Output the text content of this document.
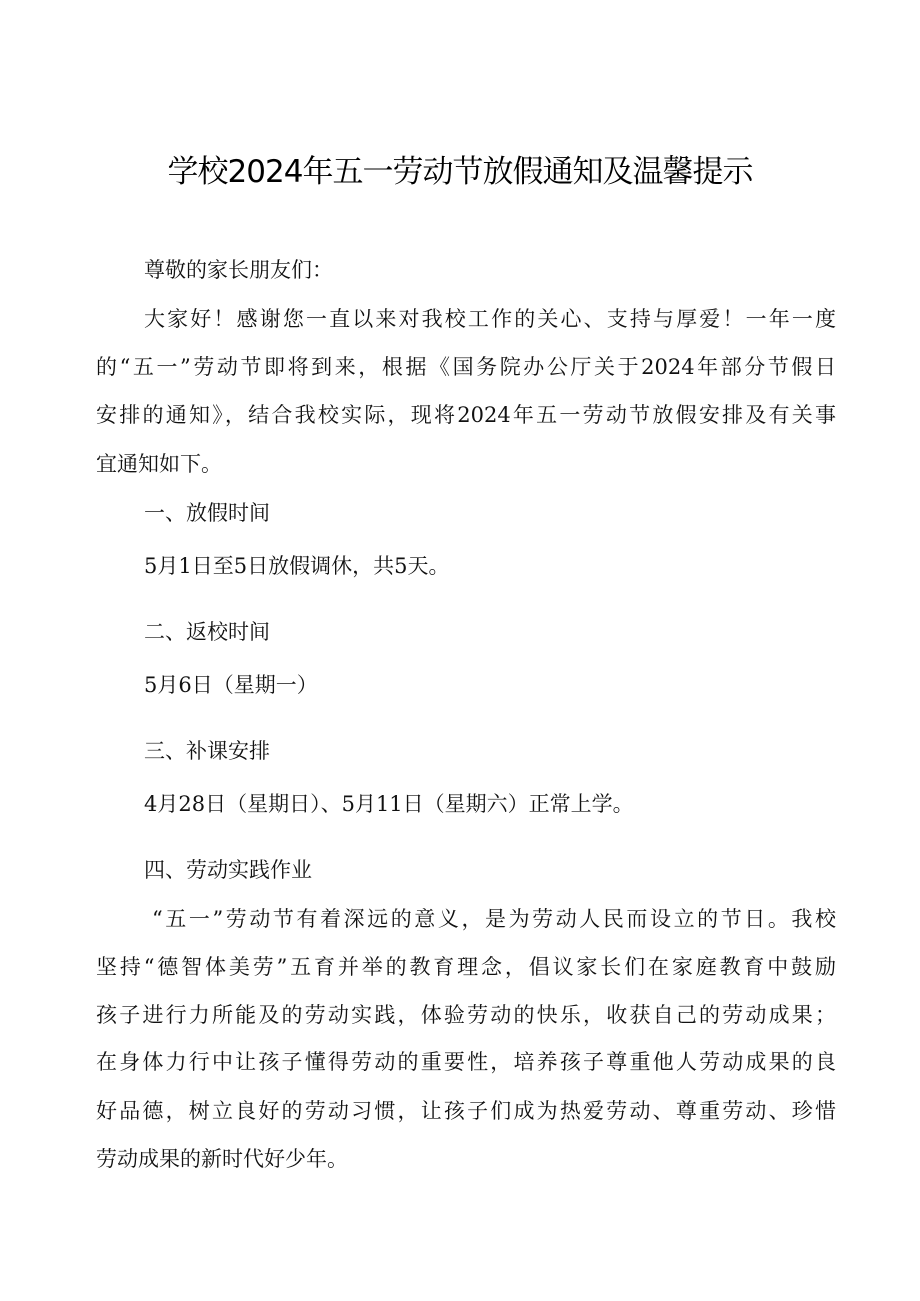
学校2024年五一劳动节放假通知及温馨提示
尊敬的家长朋友们：
大家好！感谢您一直以来对我校工作的关心、支持与厚爱！一年一度
的“五一”劳动节即将到来，根据《国务院办公厅关于2024年部分节假日
安排的通知》，结合我校实际，现将2024年五一劳动节放假安排及有关事
宜通知如下。
一、放假时间
5月1日至5日放假调休，共5天。
二、返校时间
5月6日（星期一）
三、补课安排
4月28日（星期日）、5月11日（星期六）正常上学。
四、劳动实践作业
“五一”劳动节有着深远的意义，是为劳动人民而设立的节日。我校
坚持“德智体美劳”五育并举的教育理念，倡议家长们在家庭教育中鼓励
孩子进行力所能及的劳动实践，体验劳动的快乐，收获自己的劳动成果；
在身体力行中让孩子懂得劳动的重要性，培养孩子尊重他人劳动成果的良
好品德，树立良好的劳动习惯，让孩子们成为热爱劳动、尊重劳动、珍惜
劳动成果的新时代好少年。
